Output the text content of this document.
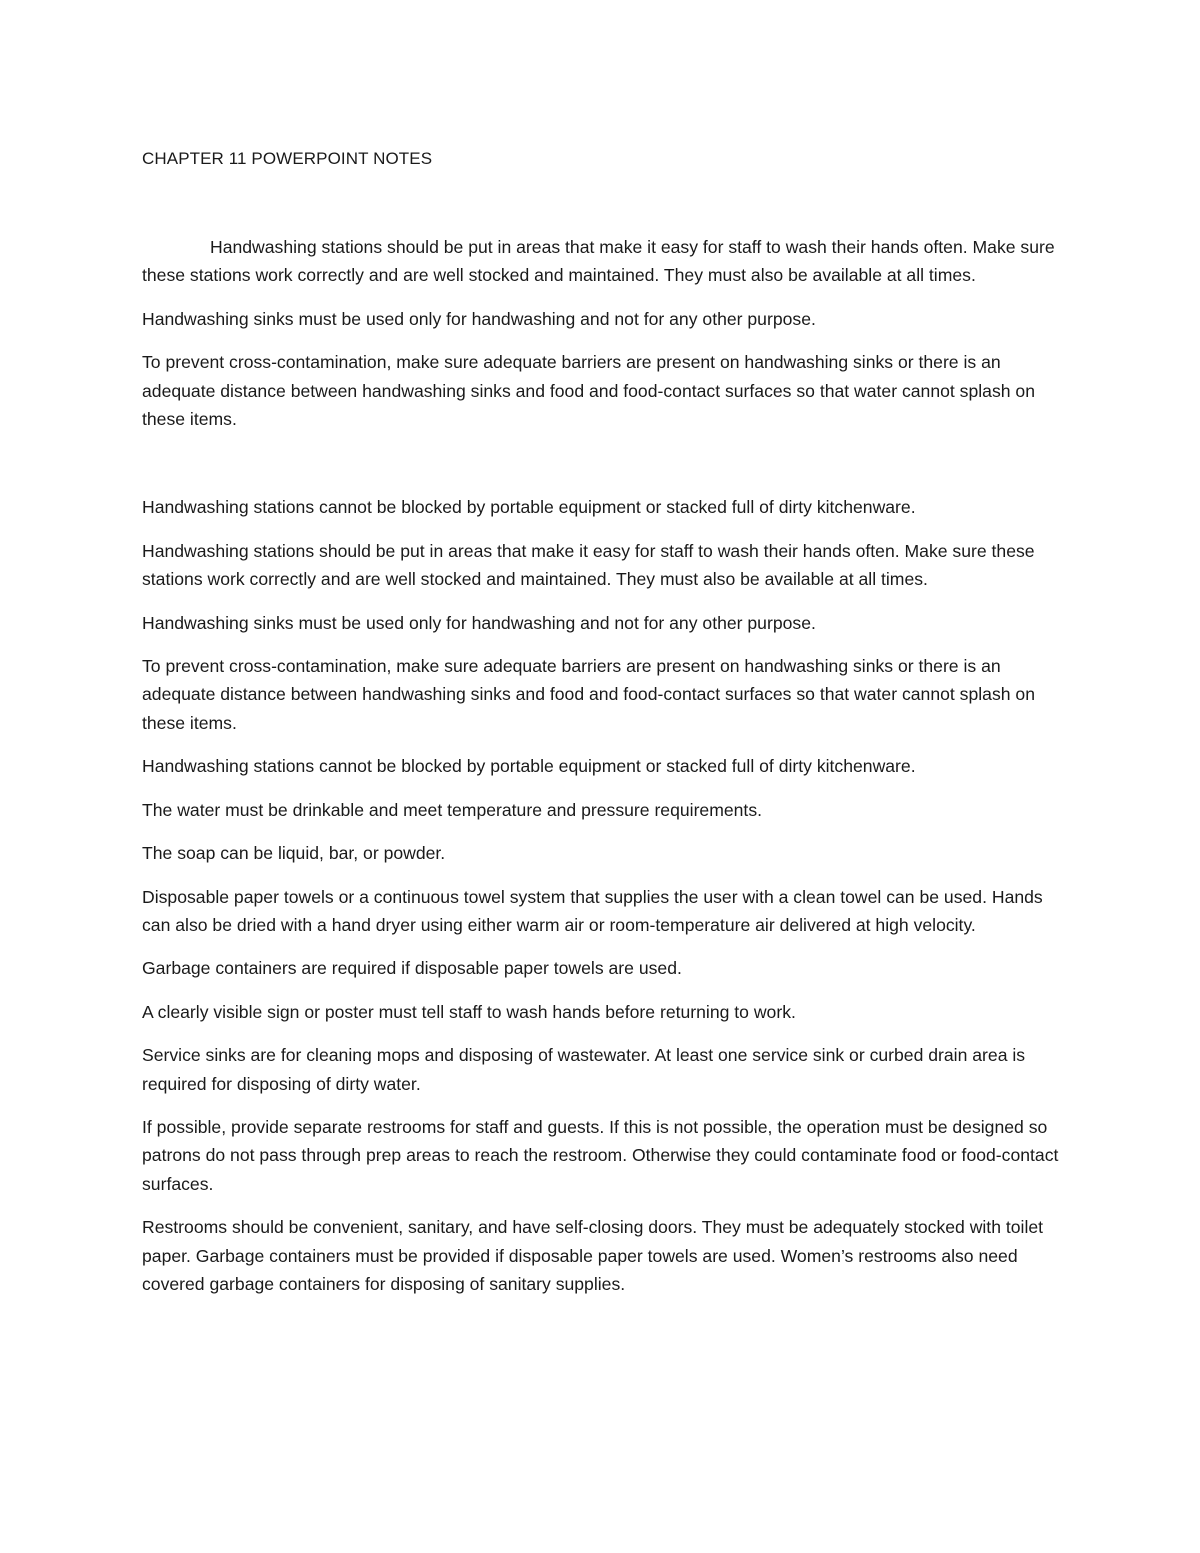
CHAPTER 11 POWERPOINT NOTES

Handwashing stations should be put in areas that make it easy for staff to wash their hands often. Make sure these stations work correctly and are well stocked and maintained. They must also be available at all times.

Handwashing sinks must be used only for handwashing and not for any other purpose.

To prevent cross-contamination, make sure adequate barriers are present on handwashing sinks or there is an adequate distance between handwashing sinks and food and food-contact surfaces so that water cannot splash on these items.

Handwashing stations cannot be blocked by portable equipment or stacked full of dirty kitchenware.

Handwashing stations should be put in areas that make it easy for staff to wash their hands often. Make sure these stations work correctly and are well stocked and maintained. They must also be available at all times.

Handwashing sinks must be used only for handwashing and not for any other purpose.

To prevent cross-contamination, make sure adequate barriers are present on handwashing sinks or there is an adequate distance between handwashing sinks and food and food-contact surfaces so that water cannot splash on these items.

Handwashing stations cannot be blocked by portable equipment or stacked full of dirty kitchenware.

The water must be drinkable and meet temperature and pressure requirements.

The soap can be liquid, bar, or powder.

Disposable paper towels or a continuous towel system that supplies the user with a clean towel can be used. Hands can also be dried with a hand dryer using either warm air or room-temperature air delivered at high velocity.

Garbage containers are required if disposable paper towels are used.

A clearly visible sign or poster must tell staff to wash hands before returning to work.

Service sinks are for cleaning mops and disposing of wastewater. At least one service sink or curbed drain area is required for disposing of dirty water.

If possible, provide separate restrooms for staff and guests. If this is not possible, the operation must be designed so patrons do not pass through prep areas to reach the restroom. Otherwise they could contaminate food or food-contact surfaces.

Restrooms should be convenient, sanitary, and have self-closing doors. They must be adequately stocked with toilet paper. Garbage containers must be provided if disposable paper towels are used. Women’s restrooms also need covered garbage containers for disposing of sanitary supplies.
